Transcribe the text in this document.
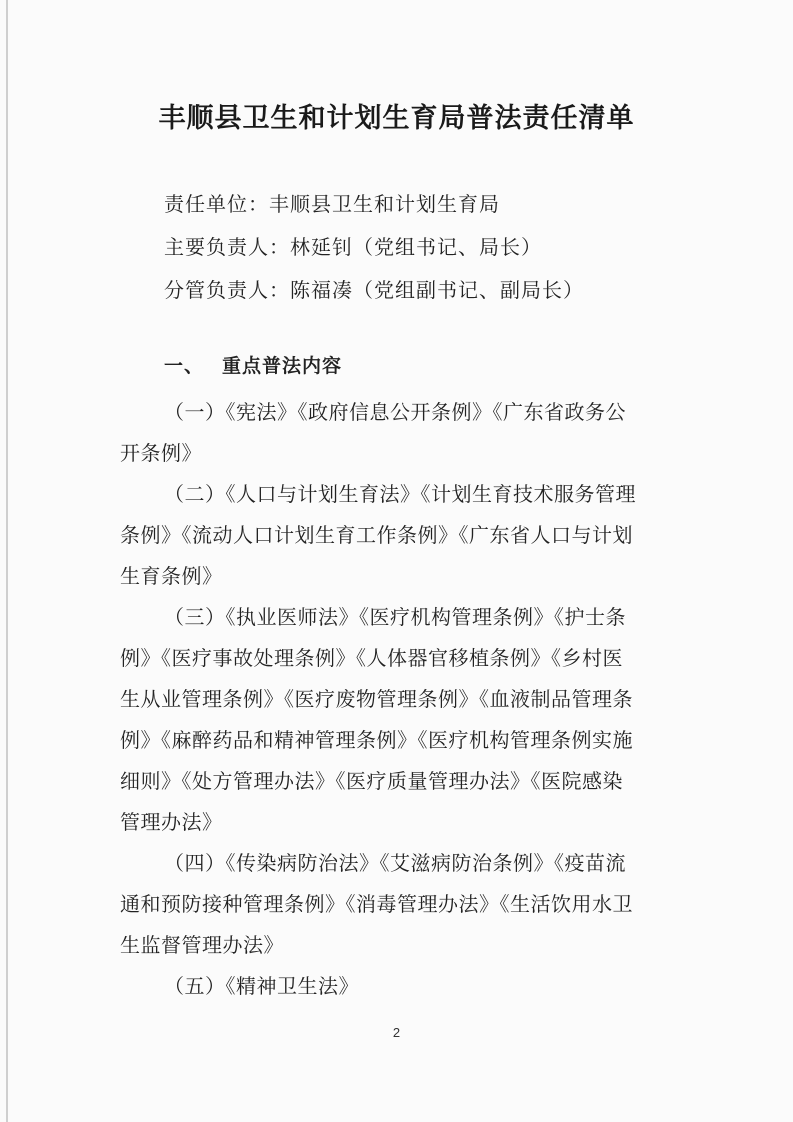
丰顺县卫生和计划生育局普法责任清单
责任单位：丰顺县卫生和计划生育局
主要负责人：林延钊（党组书记、局长）
分管负责人：陈福凑（党组副书记、副局长）
一、 重点普法内容

（一）《宪法》《政府信息公开条例》《广东省政务公
开条例》

（二）《人口与计划生育法》《计划生育技术服务管理
条例》《流动人口计划生育工作条例》《广东省人口与计划
生育条例》

（三）《执业医师法》《医疗机构管理条例》《护士条
例》《医疗事故处理条例》《人体器官移植条例》《乡村医
生从业管理条例》《医疗废物管理条例》《血液制品管理条
例》《麻醉药品和精神管理条例》《医疗机构管理条例实施
细则》《处方管理办法》《医疗质量管理办法》《医院感染
管理办法》

（四）《传染病防治法》《艾滋病防治条例》《疫苗流
通和预防接种管理条例》《消毒管理办法》《生活饮用水卫
生监督管理办法》

（五）《精神卫生法》

2
